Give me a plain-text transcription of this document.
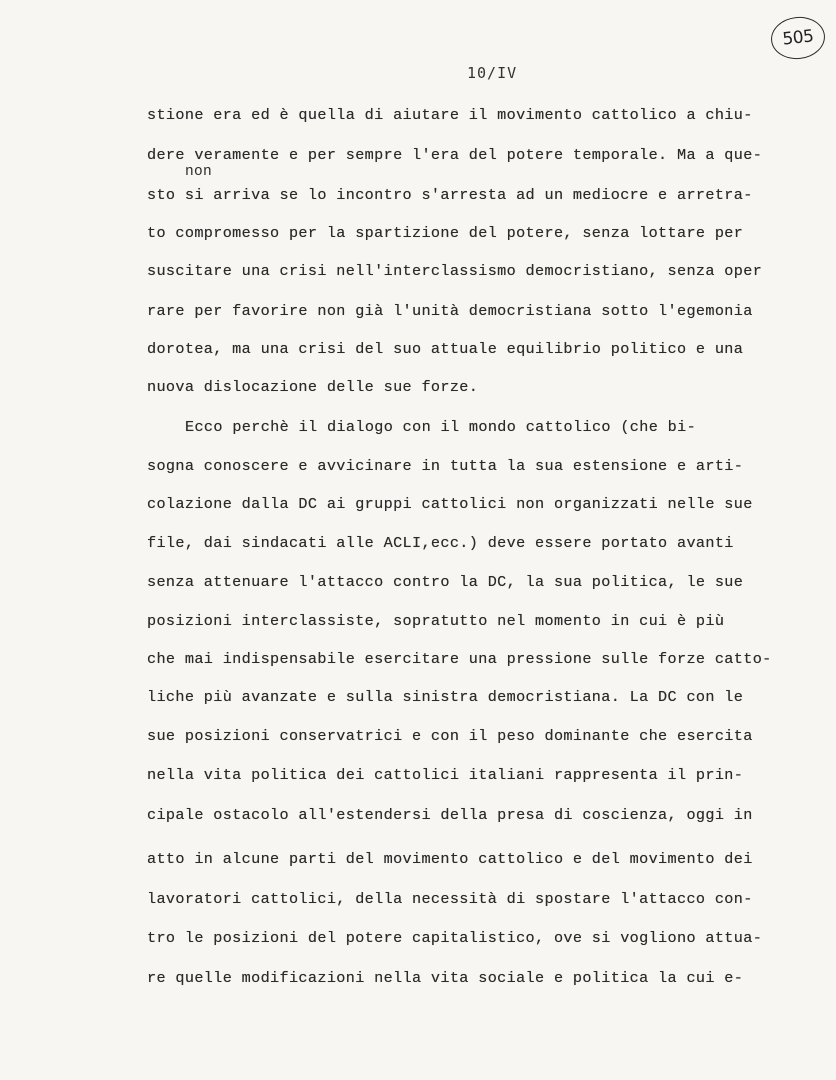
505
10/IV
non
stione era ed è quella di aiutare il movimento cattolico a chiu-
dere veramente e per sempre l'era del potere temporale. Ma a que-
sto si arriva se lo incontro s'arresta ad un mediocre e arretra-
to compromesso per la spartizione del potere, senza lottare per
suscitare una crisi nell'interclassismo democristiano, senza oper
rare per favorire non già l'unità democristiana sotto l'egemonia
dorotea, ma una crisi del suo attuale equilibrio politico e una
nuova dislocazione delle sue forze.
Ecco perchè il dialogo con il mondo cattolico (che bi-
sogna conoscere e avvicinare in tutta la sua estensione e arti-
colazione dalla DC ai gruppi cattolici non organizzati nelle sue
file, dai sindacati alle ACLI,ecc.) deve essere portato avanti
senza attenuare l'attacco contro la DC, la sua politica, le sue
posizioni interclassiste, sopratutto nel momento in cui è più
che mai indispensabile esercitare una pressione sulle forze catto-
liche più avanzate e sulla sinistra democristiana. La DC con le
sue posizioni conservatrici e con il peso dominante che esercita
nella vita politica dei cattolici italiani rappresenta il prin-
cipale ostacolo all'estendersi della presa di coscienza, oggi in
atto in alcune parti del movimento cattolico e del movimento dei
lavoratori cattolici, della necessità di spostare l'attacco con-
tro le posizioni del potere capitalistico, ove si vogliono attua-
re quelle modificazioni nella vita sociale e politica la cui e-
